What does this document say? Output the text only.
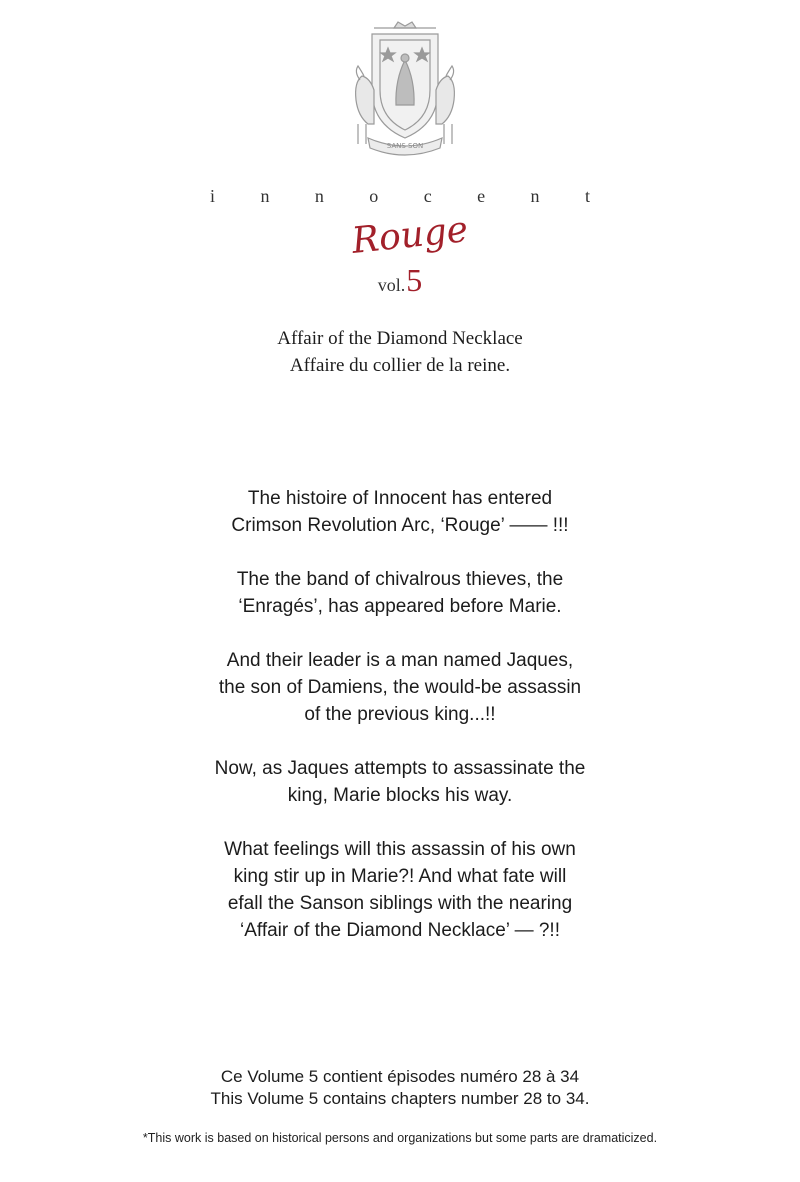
SANS SON
i	n	n	o	c	e	n	t
Rouge
vol.5
Affair of the Diamond Necklace
Affaire du collier de la reine.

The histoire of Innocent has entered
Crimson Revolution Arc, ‘Rouge’ —— !!!

The the band of chivalrous thieves, the
‘Enragés’, has appeared before Marie.

And their leader is a man named Jaques,
the son of Damiens, the would-be assassin
of the previous king...!!

Now, as Jaques attempts to assassinate the
king, Marie blocks his way.

What feelings will this assassin of his own
king stir up in Marie?! And what fate will
efall the Sanson siblings with the nearing
‘Affair of the Diamond Necklace’ — ?!!

Ce Volume 5 contient épisodes numéro 28 à 34
This Volume 5 contains chapters number 28 to 34.
*This work is based on historical persons and organizations but some parts are dramaticized.
